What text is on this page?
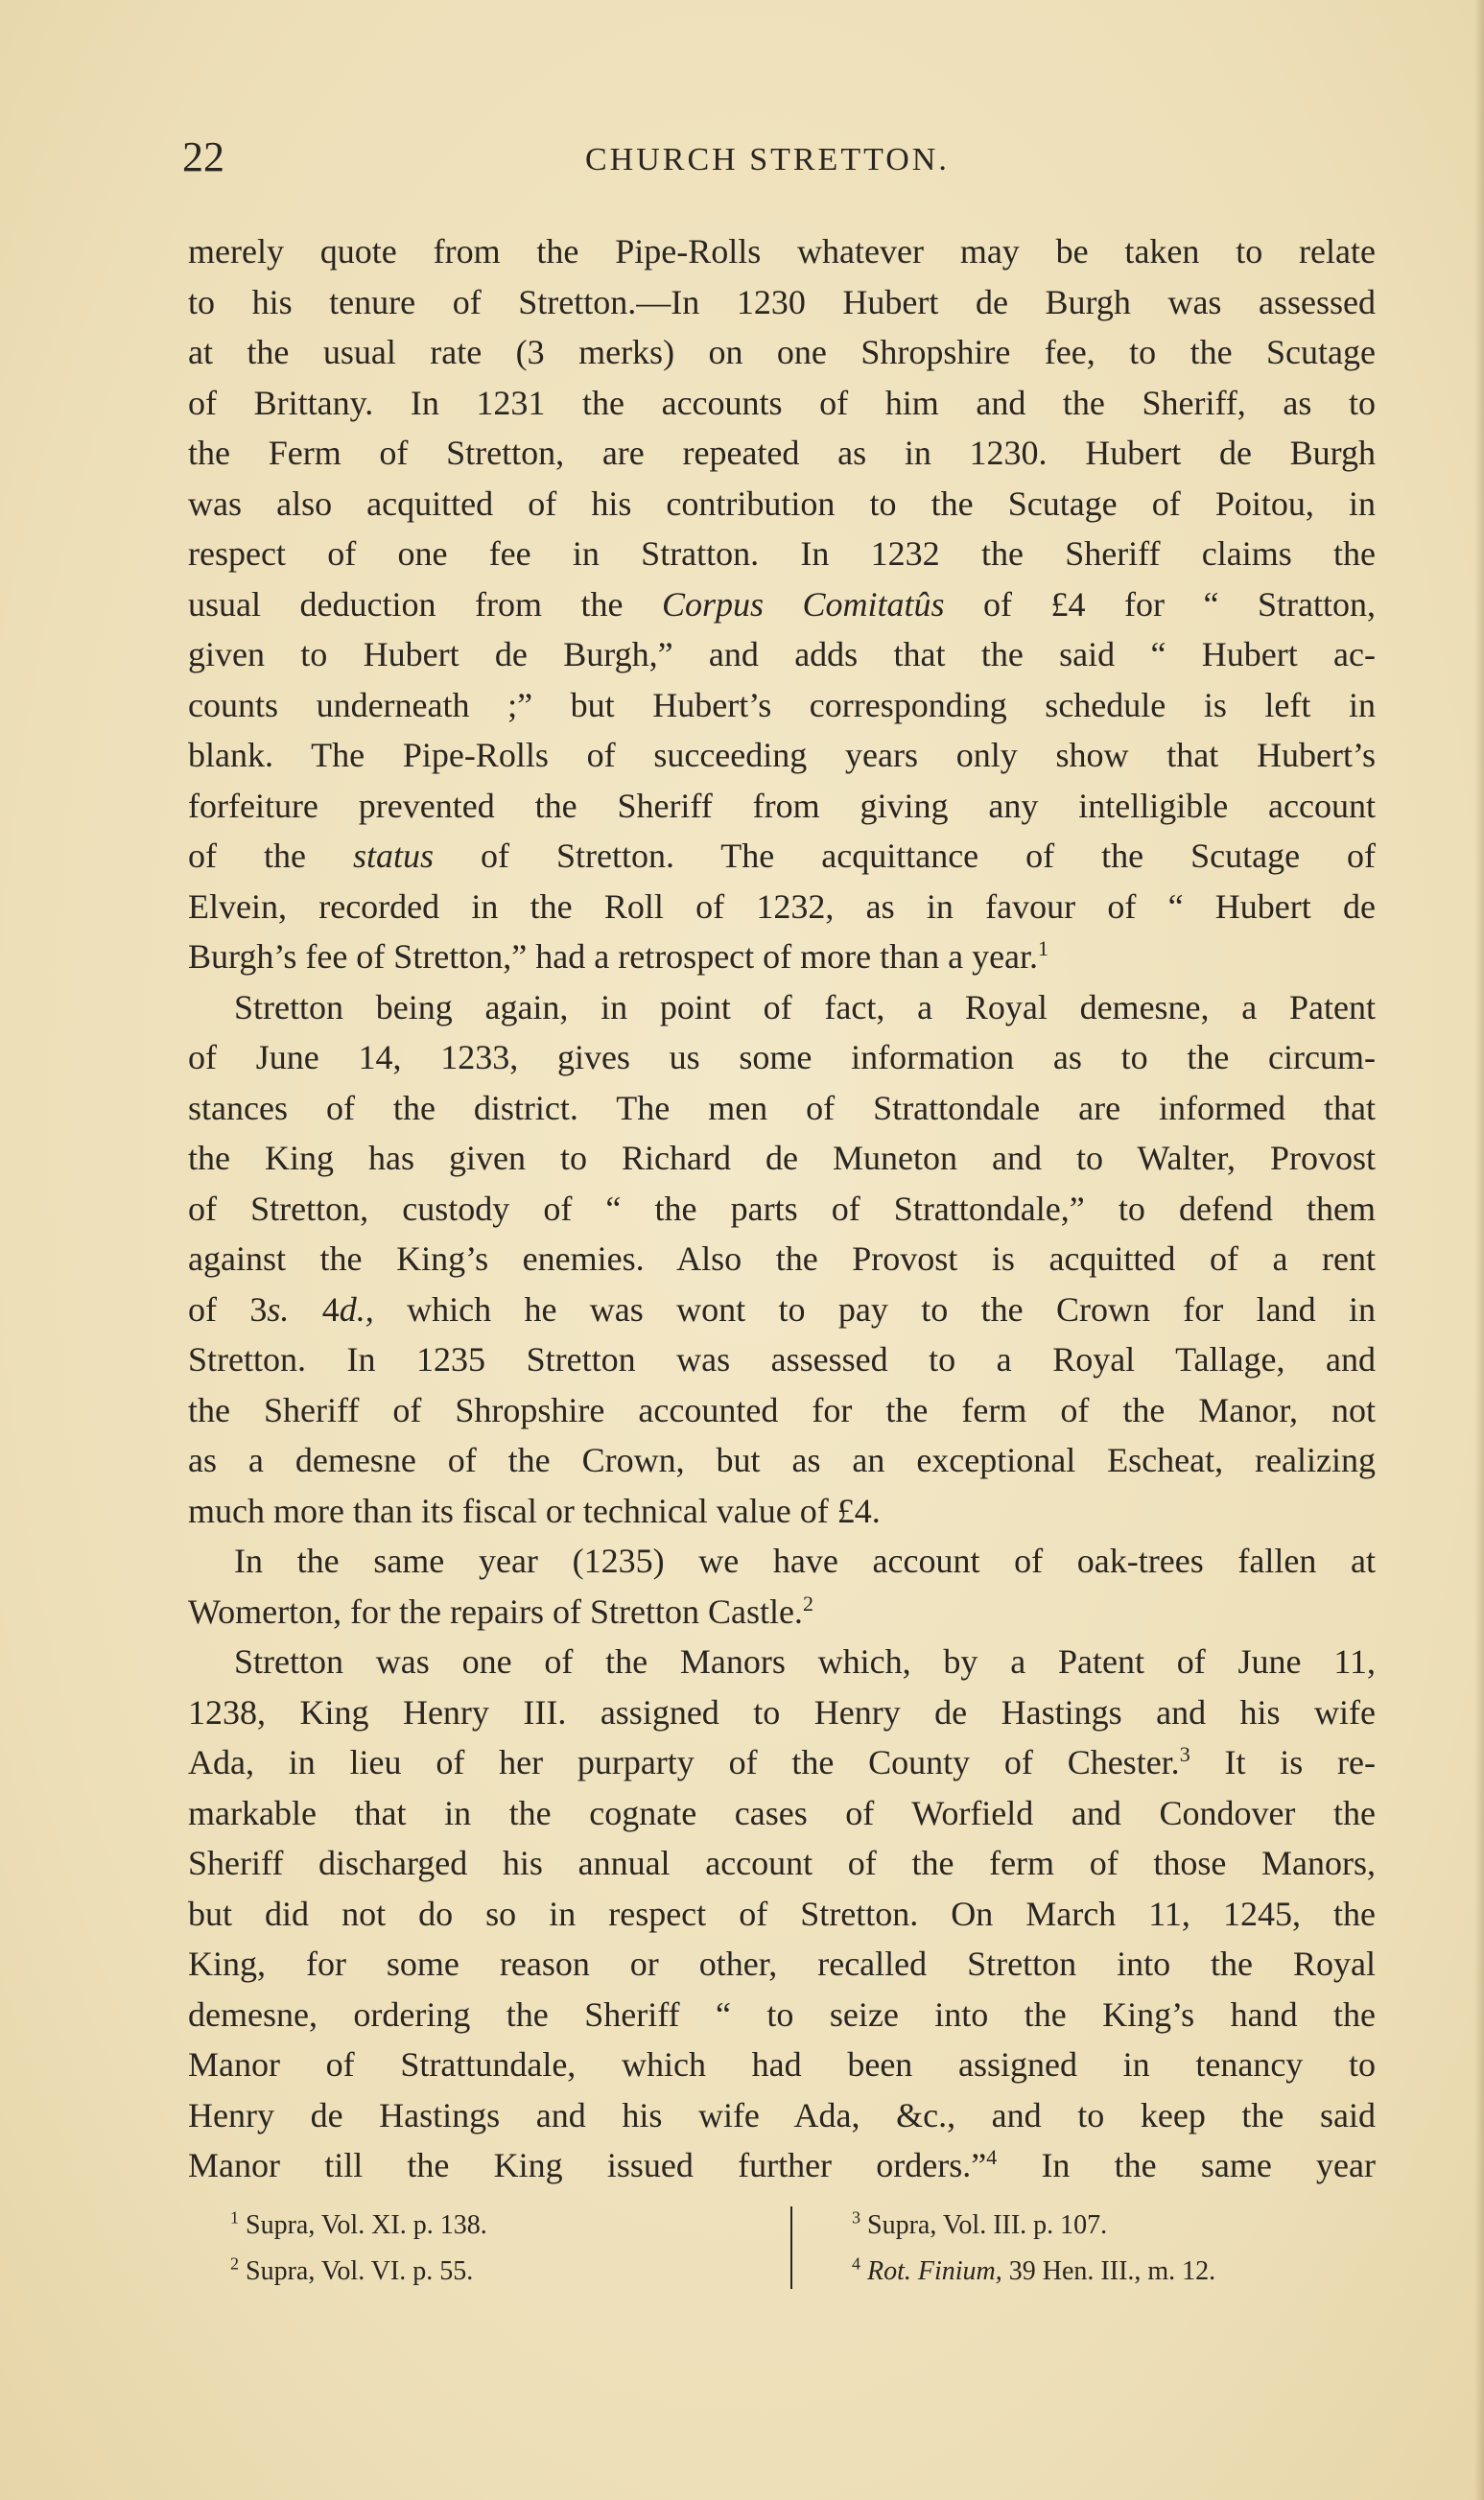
22	CHURCH STRETTON.
merely quote from the Pipe-Rolls whatever may be taken to relate
to his tenure of Stretton.—In 1230 Hubert de Burgh was assessed
at the usual rate (3 merks) on one Shropshire fee, to the Scutage
of Brittany. In 1231 the accounts of him and the Sheriff, as to
the Ferm of Stretton, are repeated as in 1230. Hubert de Burgh
was also acquitted of his contribution to the Scutage of Poitou, in
respect of one fee in Stratton. In 1232 the Sheriff claims the
usual deduction from the Corpus Comitatûs of £4 for “ Stratton,
given to Hubert de Burgh,” and adds that the said “ Hubert ac-
counts underneath ;” but Hubert’s corresponding schedule is left in
blank. The Pipe-Rolls of succeeding years only show that Hubert’s
forfeiture prevented the Sheriff from giving any intelligible account
of the status of Stretton. The acquittance of the Scutage of
Elvein, recorded in the Roll of 1232, as in favour of “ Hubert de
Burgh’s fee of Stretton,” had a retrospect of more than a year.$^1$
Stretton being again, in point of fact, a Royal demesne, a Patent
of June 14, 1233, gives us some information as to the circum-
stances of the district. The men of Strattondale are informed that
the King has given to Richard de Muneton and to Walter, Provost
of Stretton, custody of “ the parts of Strattondale,” to defend them
against the King’s enemies. Also the Provost is acquitted of a rent
of 3s. 4d., which he was wont to pay to the Crown for land in
Stretton. In 1235 Stretton was assessed to a Royal Tallage, and
the Sheriff of Shropshire accounted for the ferm of the Manor, not
as a demesne of the Crown, but as an exceptional Escheat, realizing
much more than its fiscal or technical value of £4.
In the same year (1235) we have account of oak-trees fallen at
Womerton, for the repairs of Stretton Castle.$^2$
Stretton was one of the Manors which, by a Patent of June 11,
1238, King Henry III. assigned to Henry de Hastings and his wife
Ada, in lieu of her purparty of the County of Chester.$^3$ It is re-
markable that in the cognate cases of Worfield and Condover the
Sheriff discharged his annual account of the ferm of those Manors,
but did not do so in respect of Stretton. On March 11, 1245, the
King, for some reason or other, recalled Stretton into the Royal
demesne, ordering the Sheriff “ to seize into the King’s hand the
Manor of Strattundale, which had been assigned in tenancy to
Henry de Hastings and his wife Ada, &c., and to keep the said
Manor till the King issued further orders.”$^4$ In the same year
$^1$ Supra, Vol. XI. p. 138.
$^2$ Supra, Vol. VI. p. 55.
$^3$ Supra, Vol. III. p. 107.
$^4$ Rot. Finium, 39 Hen. III., m. 12.
